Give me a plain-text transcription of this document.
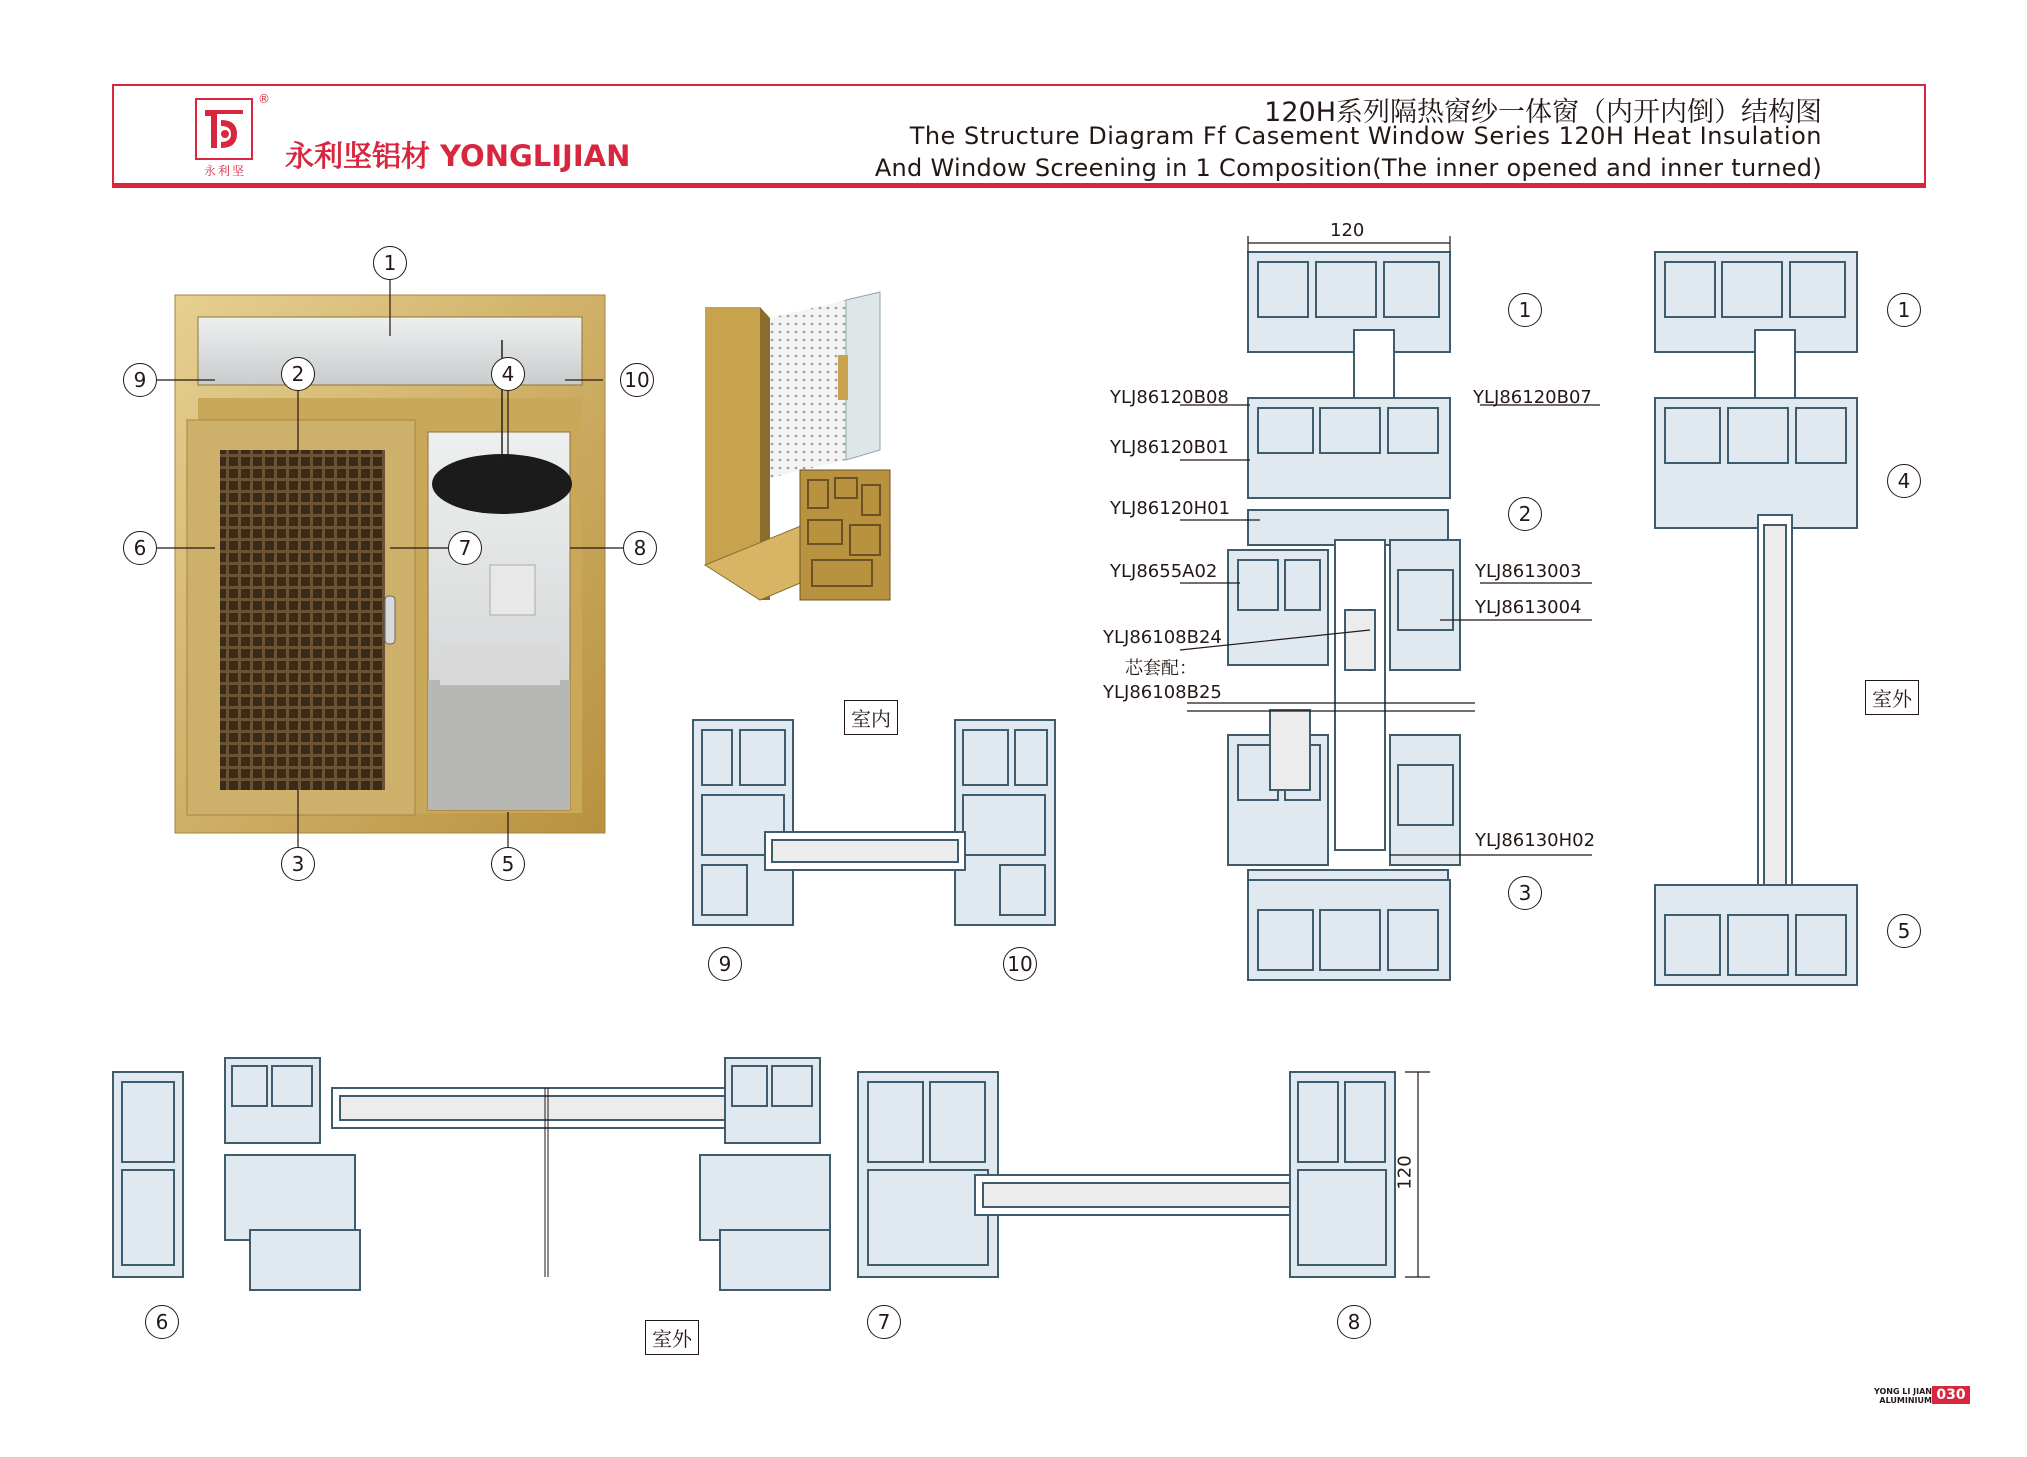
®
永利坚	永利坚铝材 YONGLIJIAN
120H系列隔热窗纱一体窗（内开内倒）结构图
The Structure Diagram Ff Casement Window Series 120H Heat Insulation
And Window Screening in 1 Composition(The inner opened and inner turned)
1
2
3
4
5
6	7	8
9	10
室内
9	10
120
1
2
3
YLJ86120B08	YLJ86120B07
YLJ86120B01
YLJ86120H01
YLJ8655A02	YLJ8613003
YLJ8613004
YLJ86108B24
芯套配：
YLJ86108B25
YLJ86130H02
1
4
5
室外
6	7	8
室外
120
YONG LI JIAN
ALUMINIUM 030
